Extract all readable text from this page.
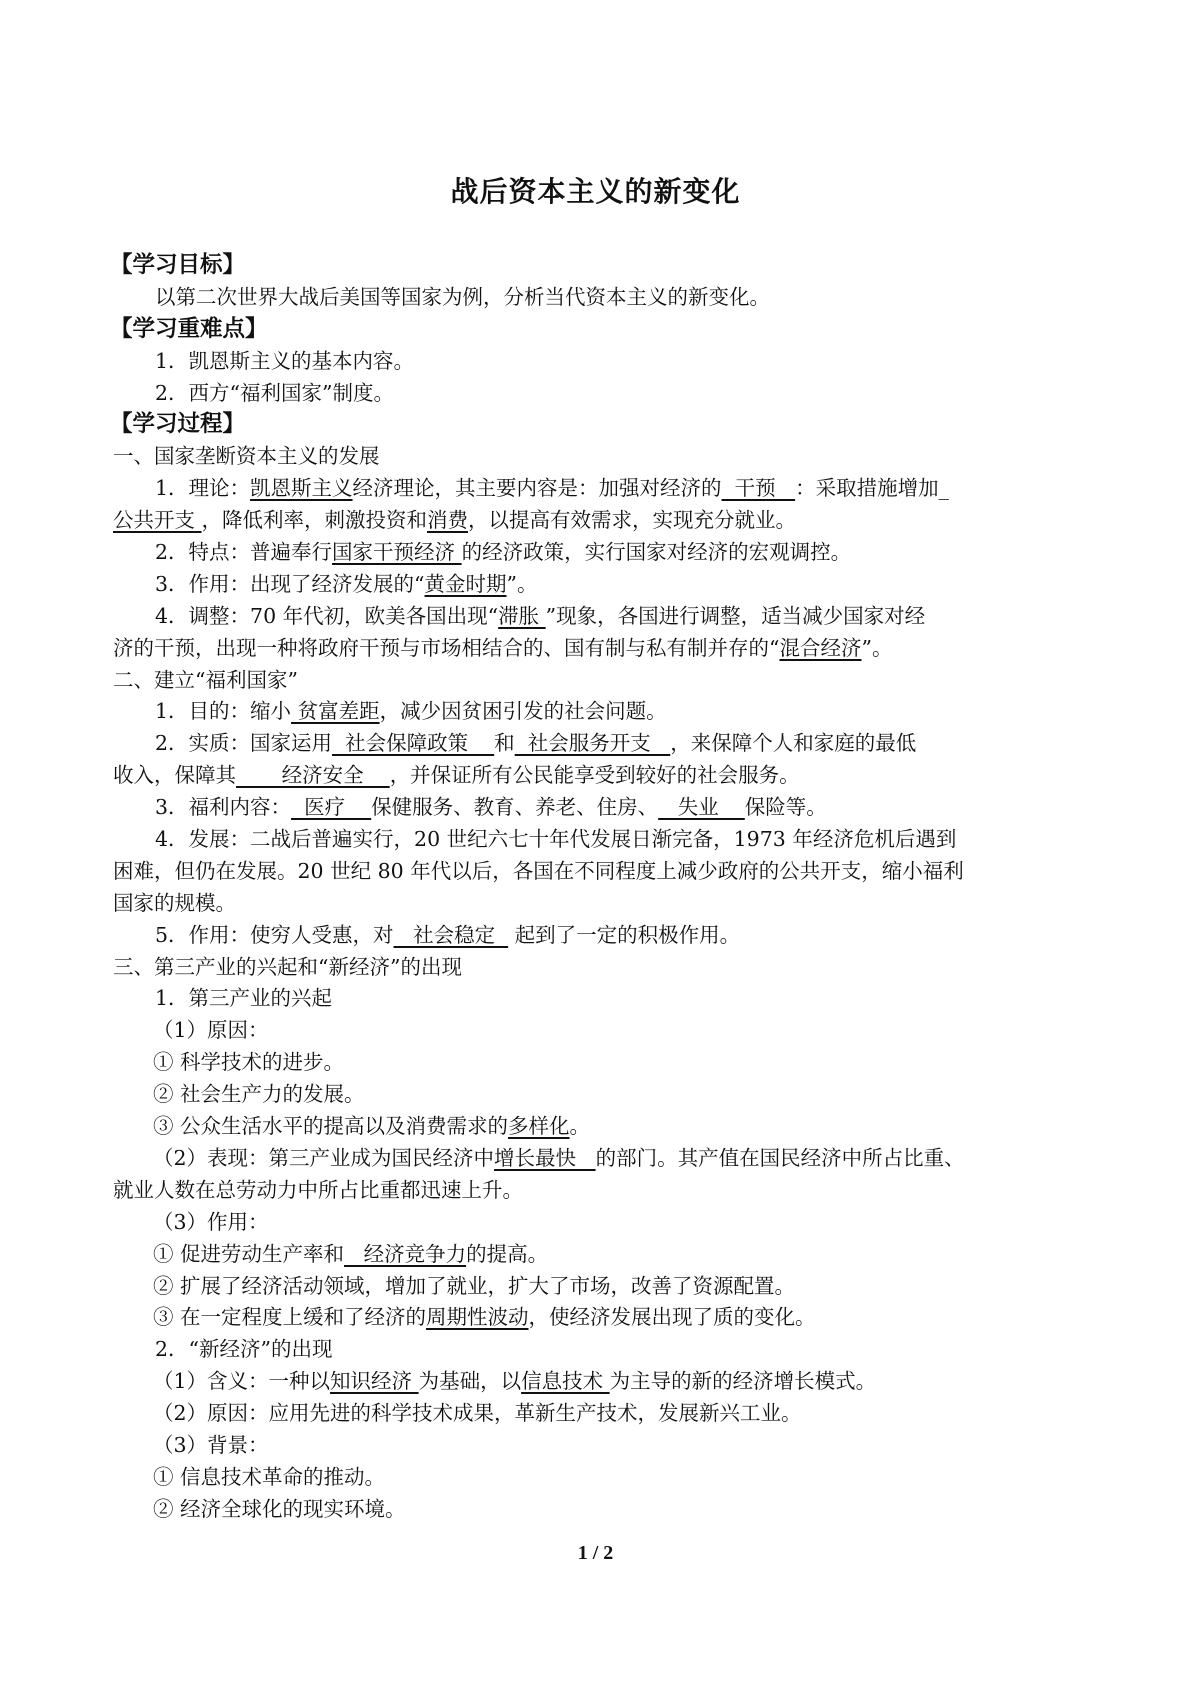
战后资本主义的新变化
【学习目标】
以第二次世界大战后美国等国家为例，分析当代资本主义的新变化。
【学习重难点】
1．凯恩斯主义的基本内容。
2．西方“福利国家”制度。
【学习过程】
一、国家垄断资本主义的发展
1．理论：凯恩斯主义经济理论，其主要内容是：加强对经济的  干预   ：采取措施增加_
公共开支 ，降低利率，刺激投资和消费，以提高有效需求，实现充分就业。
2．特点：普遍奉行国家干预经济 的经济政策，实行国家对经济的宏观调控。
3．作用：出现了经济发展的“黄金时期”。
4．调整：70 年代初，欧美各国出现“滞胀 ”现象，各国进行调整，适当减少国家对经
济的干预，出现一种将政府干预与市场相结合的、国有制与私有制并存的“混合经济”。
二、建立“福利国家”
1．目的：缩小 贫富差距，减少因贫困引发的社会问题。
2．实质：国家运用  社会保障政策    和  社会服务开支   ，来保障个人和家庭的最低
收入，保障其       经济安全    ，并保证所有公民能享受到较好的社会服务。
3．福利内容：  医疗    保健服务、教育、养老、住房、   失业    保险等。
4．发展：二战后普遍实行，20 世纪六七十年代发展日渐完备，1973 年经济危机后遇到
困难，但仍在发展。20 世纪 80 年代以后，各国在不同程度上减少政府的公共开支，缩小福利
国家的规模。
5．作用：使穷人受惠，对   社会稳定   起到了一定的积极作用。
三、第三产业的兴起和“新经济”的出现
1．第三产业的兴起
（1）原因：
① 科学技术的进步。
② 社会生产力的发展。
③ 公众生活水平的提高以及消费需求的多样化。
（2）表现：第三产业成为国民经济中增长最快   的部门。其产值在国民经济中所占比重、
就业人数在总劳动力中所占比重都迅速上升。
（3）作用：
① 促进劳动生产率和   经济竞争力的提高。
② 扩展了经济活动领域，增加了就业，扩大了市场，改善了资源配置。
③ 在一定程度上缓和了经济的周期性波动，使经济发展出现了质的变化。
2．“新经济”的出现
（1）含义：一种以知识经济 为基础，以信息技术 为主导的新的经济增长模式。
（2）原因：应用先进的科学技术成果，革新生产技术，发展新兴工业。
（3）背景：
① 信息技术革命的推动。
② 经济全球化的现实环境。
1 / 2
